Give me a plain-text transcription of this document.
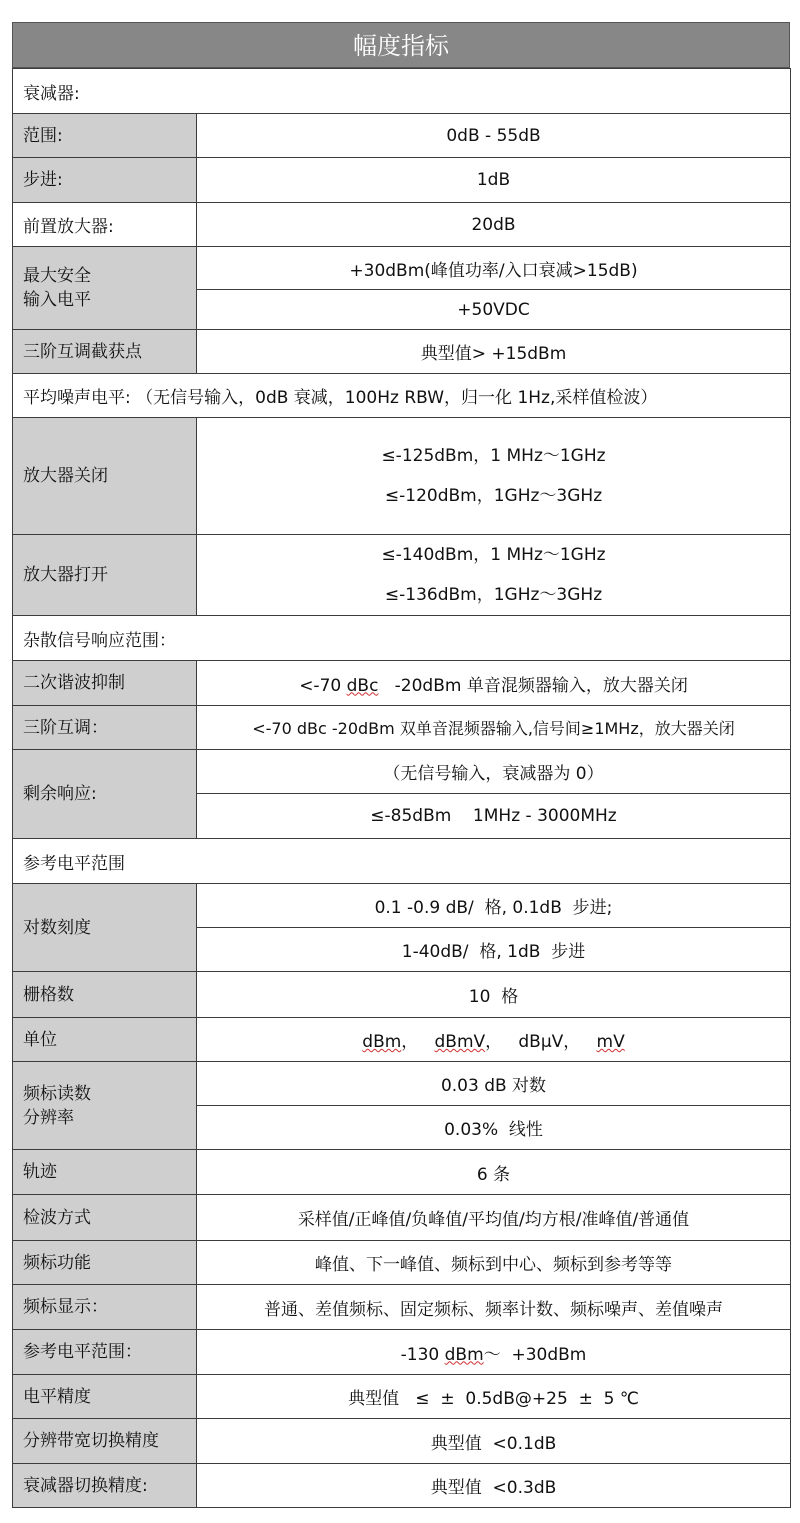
幅度指标
衰减器:	
范围:	0dB - 55dB
步进:	1dB
前置放大器:	20dB

最大安全
输入电平	+30dBm(峰值功率/入口衰减>15dB)
	+50VDC
三阶互调截获点	典型值> +15dBm
平均噪声电平: （无信号输入，0dB 衰减，100Hz RBW，归一化 1Hz,采样值检波）	
放大器关闭	≤-125dBm，1 MHz～1GHz
≤-120dBm，1GHz～3GHz

放大器打开	≤-140dBm，1 MHz～1GHz
≤-136dBm，1GHz～3GHz

杂散信号响应范围：	
二次谐波抑制	<-70 dBc   -20dBm 单音混频器输入，放大器关闭
三阶互调：	<-70 dBc -20dBm 双单音混频器输入,信号间≥1MHz，放大器关闭
剩余响应:	（无信号输入，衰减器为 0）
	≤-85dBm    1MHz - 3000MHz
参考电平范围	
对数刻度	0.1 -0.9 dB/  格, 0.1dB  步进;
	1-40dB/  格, 1dB  步进
栅格数	10  格
单位	dBm，   dBmV，   dBμV，   mV

频标读数
分辨率	0.03 dB 对数
	0.03%  线性
轨迹	6 条
检波方式	采样值/正峰值/负峰值/平均值/均方根/准峰值/普通值
频标功能	峰值、下一峰值、频标到中心、频标到参考等等
频标显示：	普通、差值频标、固定频标、频率计数、频标噪声、差值噪声
参考电平范围：	-130 dBm～  +30dBm
电平精度	典型值   ≤  ±  0.5dB@+25  ±  5 ℃
分辨带宽切换精度	典型值  <0.1dB
衰减器切换精度:	典型值  <0.3dB
